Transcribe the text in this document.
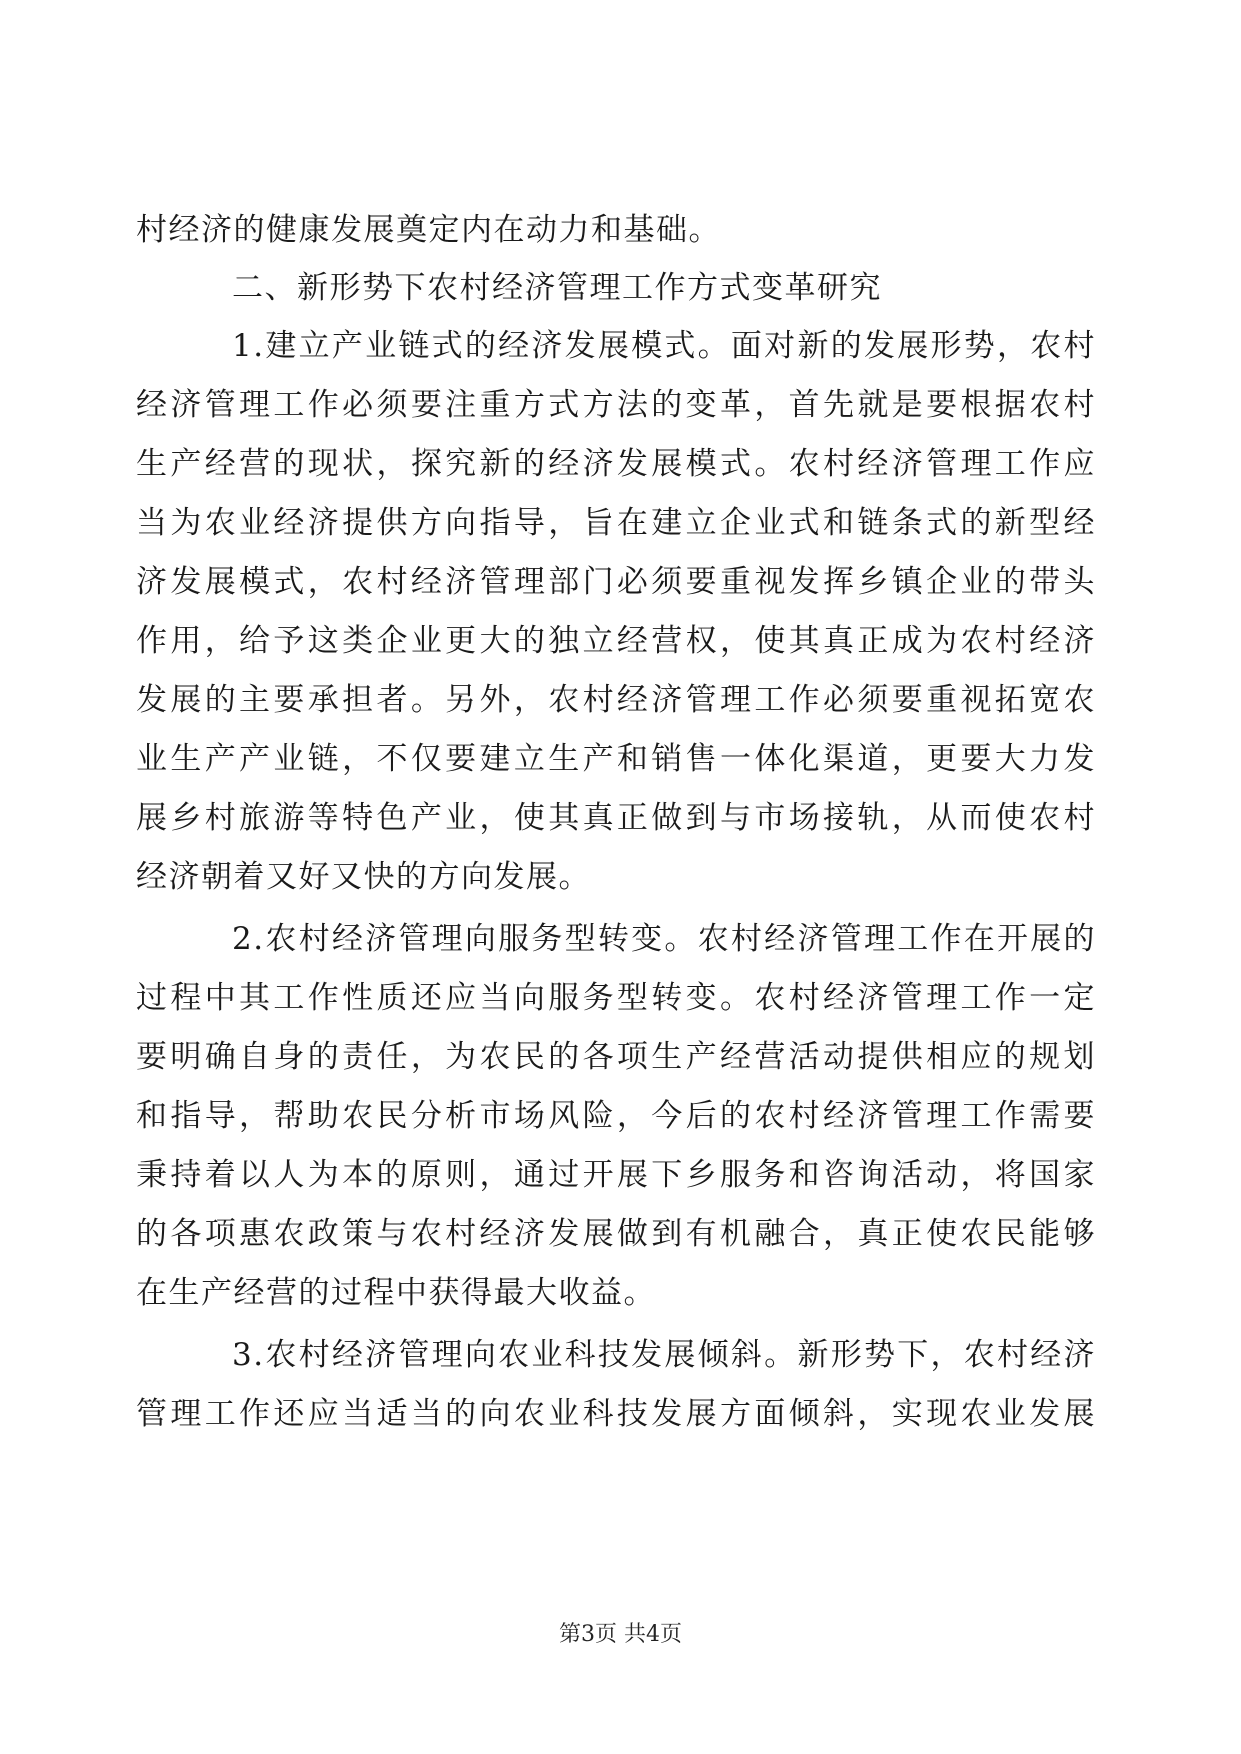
村经济的健康发展奠定内在动力和基础。
二、新形势下农村经济管理工作方式变革研究
1.建立产业链式的经济发展模式。面对新的发展形势，农村
经济管理工作必须要注重方式方法的变革，首先就是要根据农村
生产经营的现状，探究新的经济发展模式。农村经济管理工作应
当为农业经济提供方向指导，旨在建立企业式和链条式的新型经
济发展模式，农村经济管理部门必须要重视发挥乡镇企业的带头
作用，给予这类企业更大的独立经营权，使其真正成为农村经济
发展的主要承担者。另外，农村经济管理工作必须要重视拓宽农
业生产产业链，不仅要建立生产和销售一体化渠道，更要大力发
展乡村旅游等特色产业，使其真正做到与市场接轨，从而使农村
经济朝着又好又快的方向发展。
2.农村经济管理向服务型转变。农村经济管理工作在开展的
过程中其工作性质还应当向服务型转变。农村经济管理工作一定
要明确自身的责任，为农民的各项生产经营活动提供相应的规划
和指导，帮助农民分析市场风险，今后的农村经济管理工作需要
秉持着以人为本的原则，通过开展下乡服务和咨询活动，将国家
的各项惠农政策与农村经济发展做到有机融合，真正使农民能够
在生产经营的过程中获得最大收益。
3.农村经济管理向农业科技发展倾斜。新形势下，农村经济
管理工作还应当适当的向农业科技发展方面倾斜，实现农业发展
第3页 共4页
